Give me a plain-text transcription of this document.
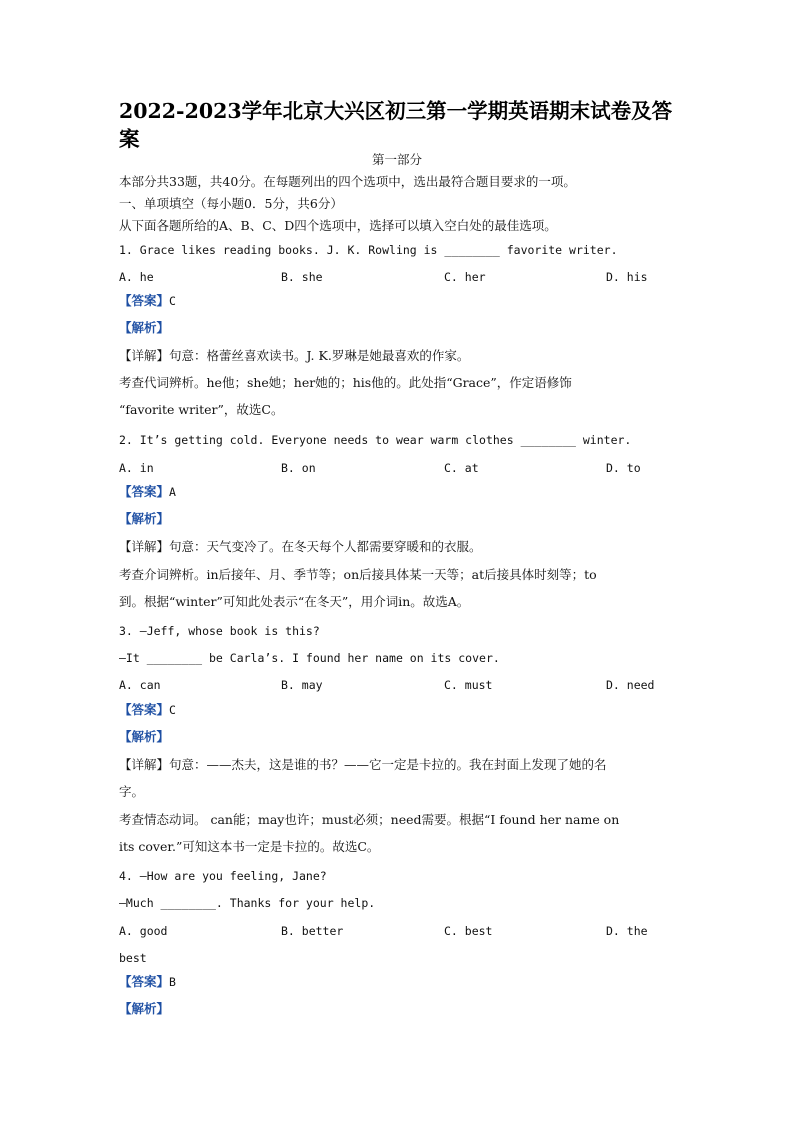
2022-2023学年北京大兴区初三第一学期英语期末试卷及答案
第一部分
本部分共33题，共40分。在每题列出的四个选项中，选出最符合题目要求的一项。
一、单项填空（每小题0．5分，共6分）
从下面各题所给的A、B、C、D四个选项中，选择可以填入空白处的最佳选项。
1. Grace likes reading books. J. K. Rowling is ________ favorite writer.
A. he	B. she	C. her	D. his
【答案】C
【解析】
【详解】句意：格蕾丝喜欢读书。J. K.罗琳是她最喜欢的作家。
考查代词辨析。he他；she她；her她的；his他的。此处指“Grace”，作定语修饰
“favorite writer”，故选C。
2. It’s getting cold. Everyone needs to wear warm clothes ________ winter.
A. in	B. on	C. at	D. to
【答案】A
【解析】
【详解】句意：天气变冷了。在冬天每个人都需要穿暖和的衣服。
考查介词辨析。in后接年、月、季节等；on后接具体某一天等；at后接具体时刻等；to
到。根据“winter”可知此处表示“在冬天”，用介词in。故选A。
3. —Jeff, whose book is this?
—It ________ be Carla’s. I found her name on its cover.
A. can	B. may	C. must	D. need
【答案】C
【解析】
【详解】句意：——杰夫，这是谁的书？——它一定是卡拉的。我在封面上发现了她的名
字。
考查情态动词。 can能；may也许；must必须；need需要。根据“I found her name on
its cover.”可知这本书一定是卡拉的。故选C。
4. —How are you feeling, Jane?
—Much ________. Thanks for your help.
A. good	B. better	C. best	D. the
best
【答案】B
【解析】
